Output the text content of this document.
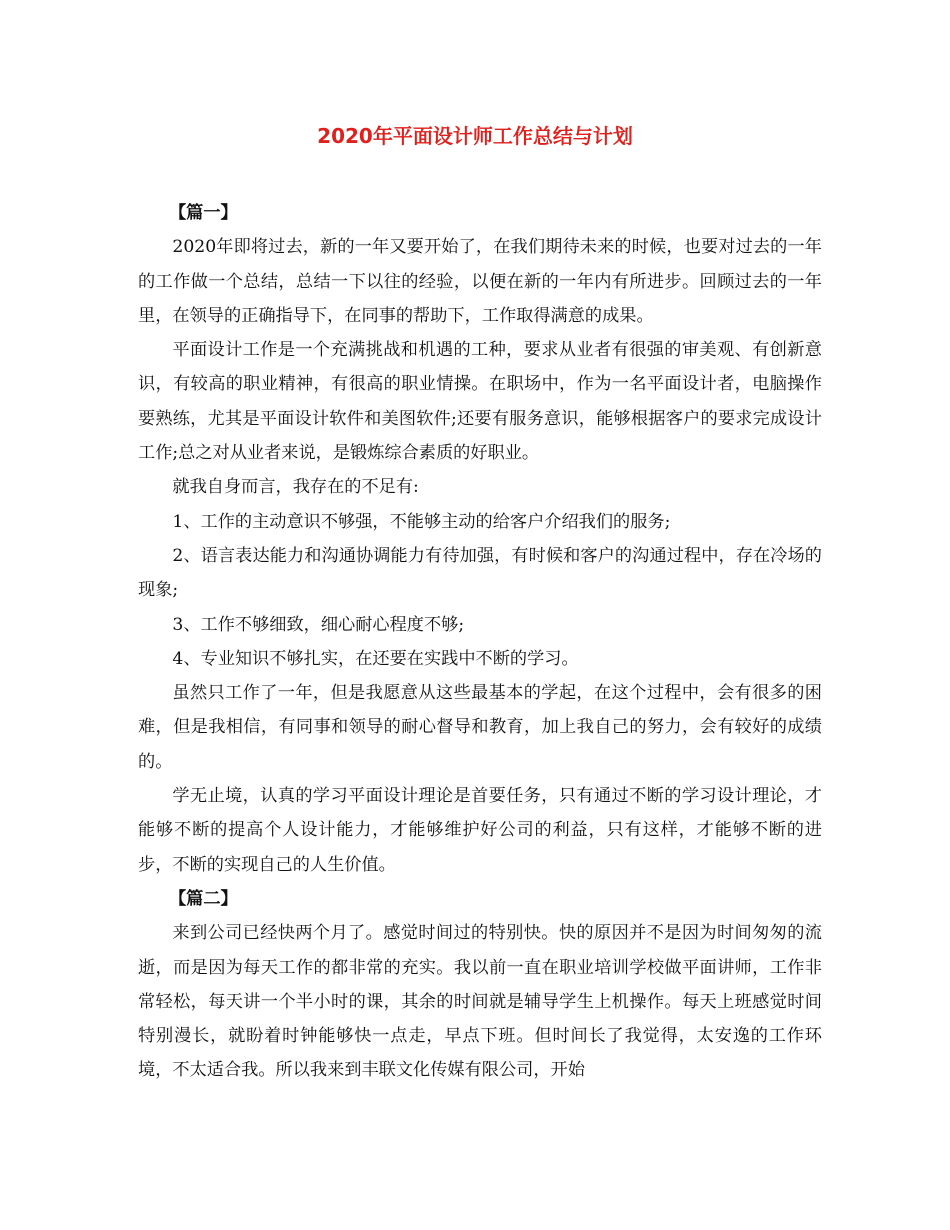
2020年平面设计师工作总结与计划

【篇一】

2020年即将过去，新的一年又要开始了，在我们期待未来的时候，也要对过去的一年的工作做一个总结，总结一下以往的经验，以便在新的一年内有所进步。回顾过去的一年里，在领导的正确指导下，在同事的帮助下，工作取得满意的成果。

平面设计工作是一个充满挑战和机遇的工种，要求从业者有很强的审美观、有创新意识，有较高的职业精神，有很高的职业情操。在职场中，作为一名平面设计者，电脑操作要熟练，尤其是平面设计软件和美图软件;还要有服务意识，能够根据客户的要求完成设计工作;总之对从业者来说，是锻炼综合素质的好职业。

就我自身而言，我存在的不足有:

1、工作的主动意识不够强，不能够主动的给客户介绍我们的服务;

2、语言表达能力和沟通协调能力有待加强，有时候和客户的沟通过程中，存在冷场的现象;

3、工作不够细致，细心耐心程度不够;

4、专业知识不够扎实，在还要在实践中不断的学习。

虽然只工作了一年，但是我愿意从这些最基本的学起，在这个过程中，会有很多的困难，但是我相信，有同事和领导的耐心督导和教育，加上我自己的努力，会有较好的成绩的。

学无止境，认真的学习平面设计理论是首要任务，只有通过不断的学习设计理论，才能够不断的提高个人设计能力，才能够维护好公司的利益，只有这样，才能够不断的进步，不断的实现自己的人生价值。

【篇二】

来到公司已经快两个月了。感觉时间过的特别快。快的原因并不是因为时间匆匆的流逝，而是因为每天工作的都非常的充实。我以前一直在职业培训学校做平面讲师，工作非常轻松，每天讲一个半小时的课，其余的时间就是辅导学生上机操作。每天上班感觉时间特别漫长，就盼着时钟能够快一点走，早点下班。但时间长了我觉得，太安逸的工作环境，不太适合我。所以我来到丰联文化传媒有限公司，开始
